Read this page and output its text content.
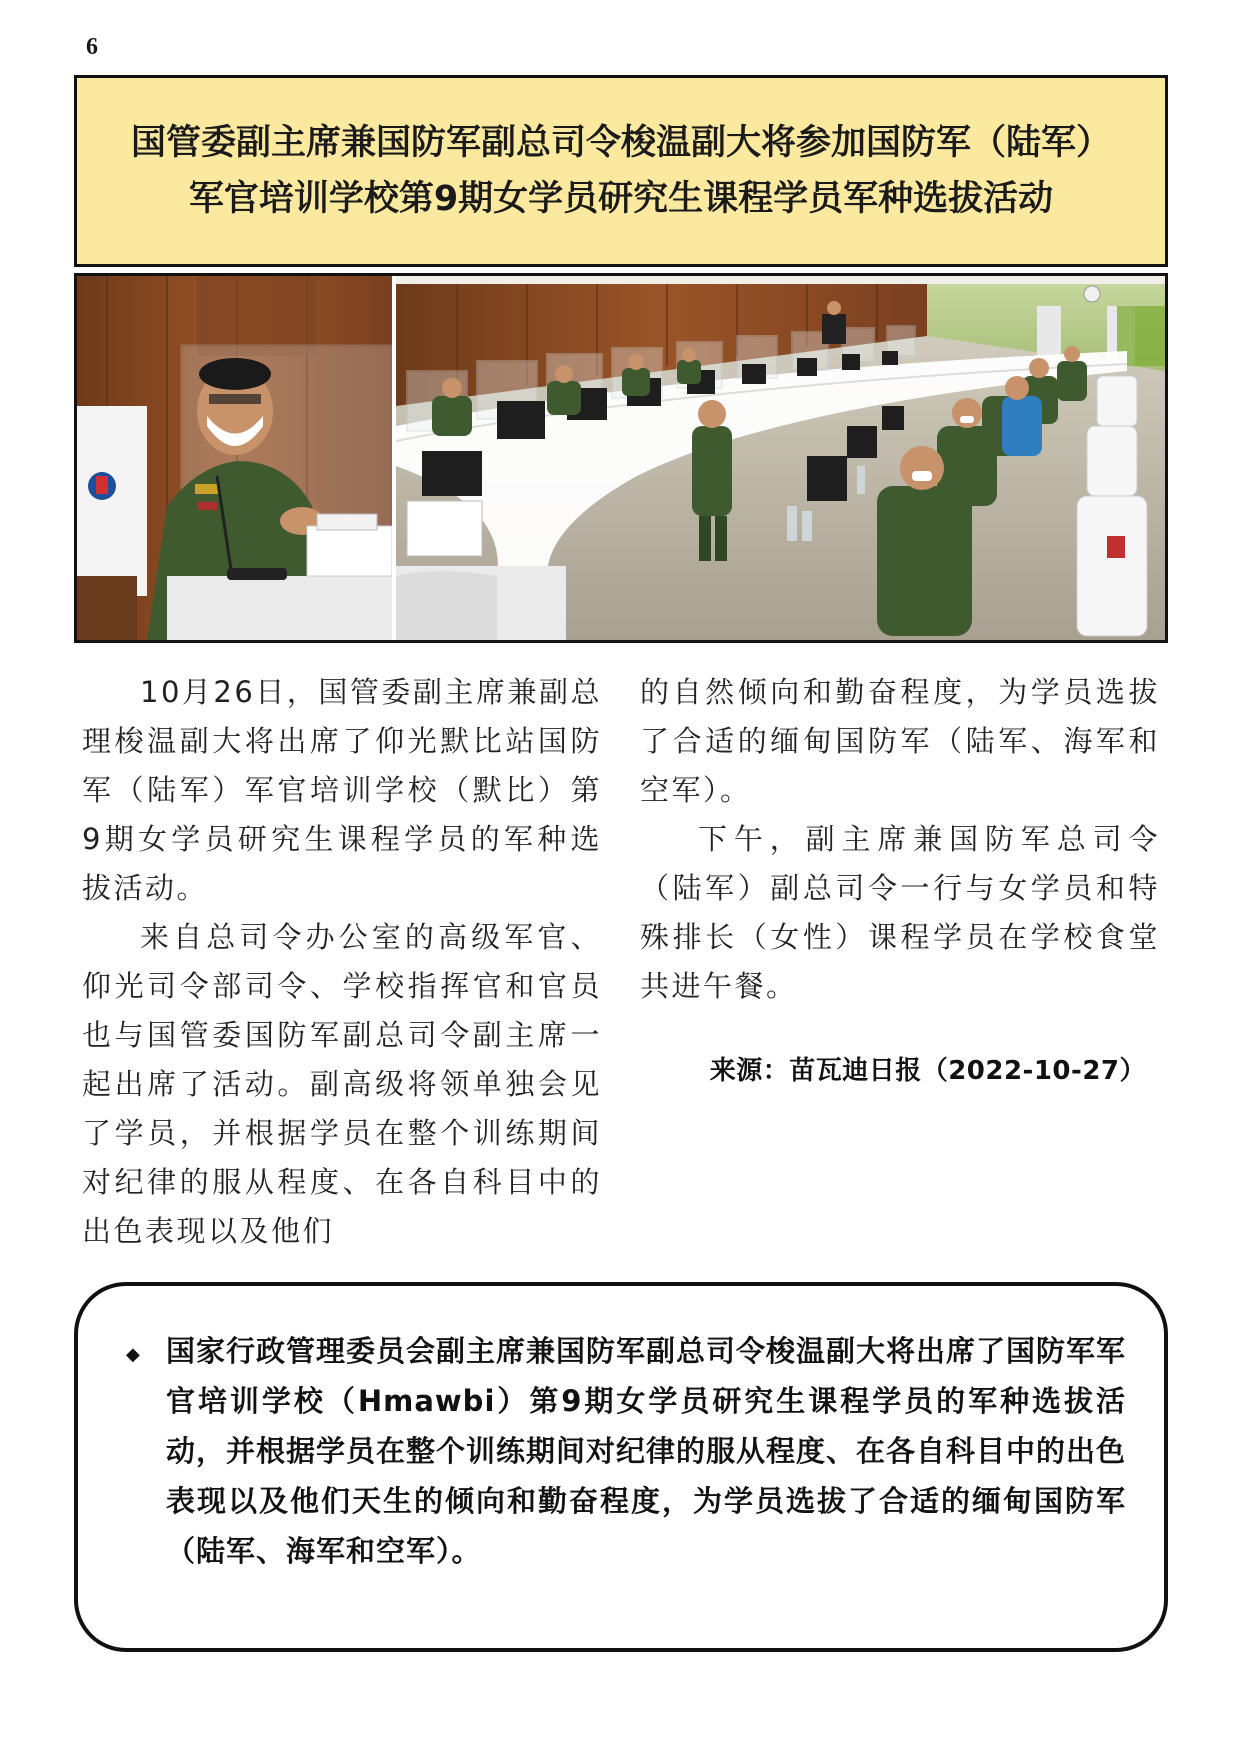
6
国管委副主席兼国防军副总司令梭温副大将参加国防军（陆军）
军官培训学校第9期女学员研究生课程学员军种选拔活动

10月26日，国管委副主席兼副总理梭温副大将出席了仰光默比站国防军（陆军）军官培训学校（默比）第9期女学员研究生课程学员的军种选拔活动。

来自总司令办公室的高级军官、仰光司令部司令、学校指挥官和官员也与国管委国防军副总司令副主席一起出席了活动。副高级将领单独会见了学员，并根据学员在整个训练期间对纪律的服从程度、在各自科目中的出色表现以及他们

的自然倾向和勤奋程度，为学员选拔了合适的缅甸国防军（陆军、海军和空军）。

下午，副主席兼国防军总司令（陆军）副总司令一行与女学员和特殊排长（女性）课程学员在学校食堂共进午餐。

来源：苗瓦迪日报（2022-10-27）
◆ 国家行政管理委员会副主席兼国防军副总司令梭温副大将出席了国防军军官培训学校（Hmawbi）第9期女学员研究生课程学员的军种选拔活动，并根据学员在整个训练期间对纪律的服从程度、在各自科目中的出色表现以及他们天生的倾向和勤奋程度，为学员选拔了合适的缅甸国防军（陆军、海军和空军）。
